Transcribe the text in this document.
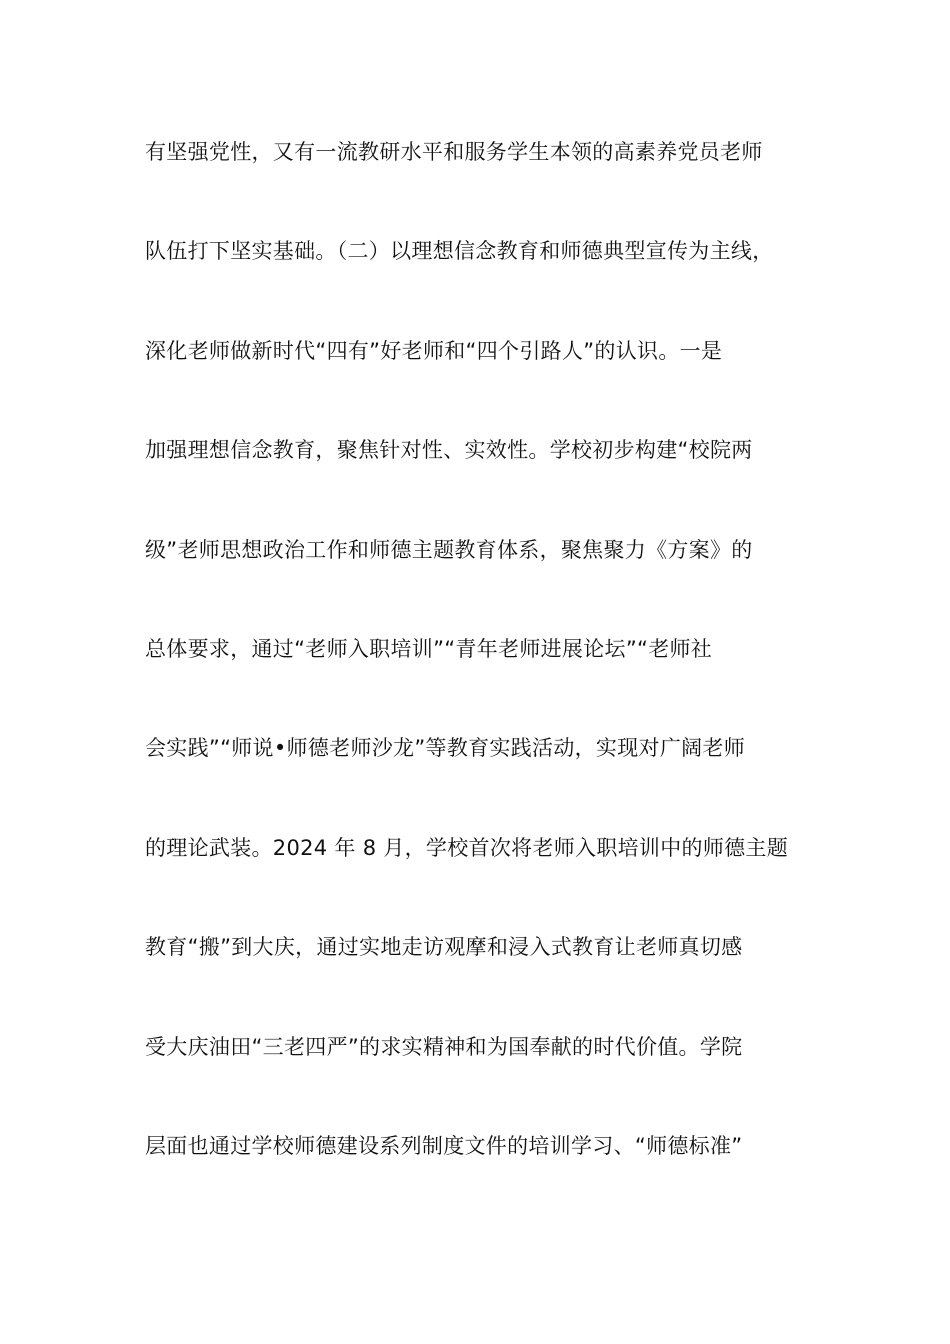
有坚强党性，又有一流教研水平和服务学生本领的高素养党员老师
队伍打下坚实基础。（二）以理想信念教育和师德典型宣传为主线，
深化老师做新时代“四有”好老师和“四个引路人”的认识。一是
加强理想信念教育，聚焦针对性、实效性。学校初步构建“校院两
级”老师思想政治工作和师德主题教育体系，聚焦聚力《方案》的
总体要求，通过“老师入职培训”“青年老师进展论坛”“老师社
会实践”“师说•师德老师沙龙”等教育实践活动，实现对广阔老师
的理论武装。2024 年 8 月，学校首次将老师入职培训中的师德主题
教育“搬”到大庆，通过实地走访观摩和浸入式教育让老师真切感
受大庆油田“三老四严”的求实精神和为国奉献的时代价值。学院
层面也通过学校师德建设系列制度文件的培训学习、“师德标准”
